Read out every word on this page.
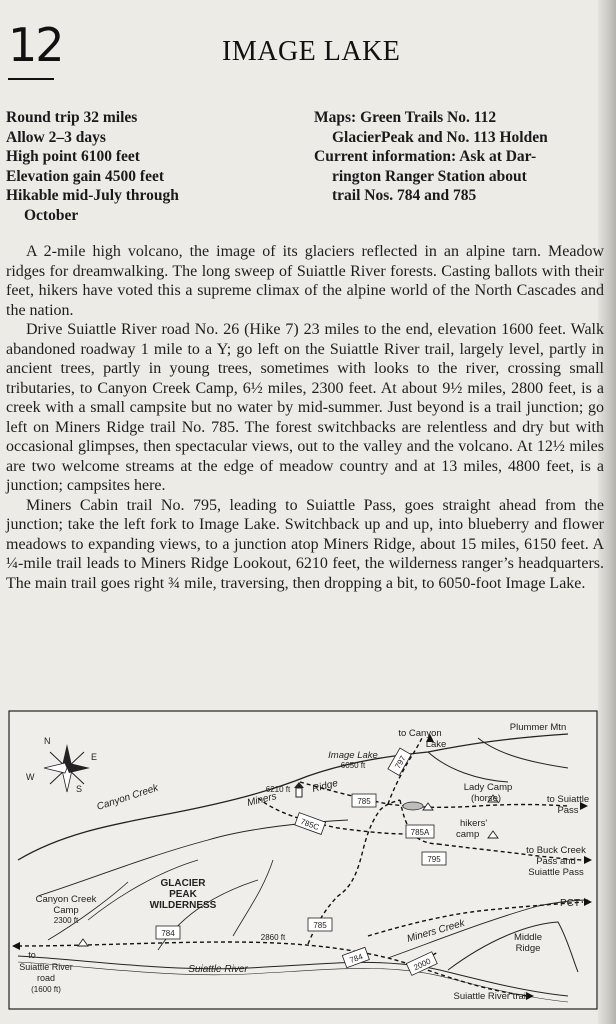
12	IMAGE LAKE
Round trip 32 miles
Allow 2–3 days
High point 6100 feet
Elevation gain 4500 feet
Hikable mid-July through
October
Maps: Green Trails No. 112
GlacierPeak and No. 113 Holden
Current information: Ask at Dar-
rington Ranger Station about
trail Nos. 784 and 785

A 2-mile high volcano, the image of its glaciers reflected in an alpine tarn. Meadow ridges for dreamwalking. The long sweep of Suiattle River forests. Casting ballots with their feet, hikers have voted this a supreme climax of the alpine world of the North Cascades and the nation.

Drive Suiattle River road No. 26 (Hike 7) 23 miles to the end, elevation 1600 feet. Walk abandoned roadway 1 mile to a Y; go left on the Suiattle River trail, largely level, partly in ancient trees, partly in young trees, sometimes with looks to the river, crossing small tributaries, to Canyon Creek Camp, 6½ miles, 2300 feet. At about 9½ miles, 2800 feet, is a creek with a small campsite but no water by mid-summer. Just beyond is a trail junction; go left on Miners Ridge trail No. 785. The forest switchbacks are relentless and dry but with occasional glimpses, then spectacular views, out to the valley and the volcano. At 12½ miles are two welcome streams at the edge of meadow country and at 13 miles, 4800 feet, is a junction; campsites here.

Miners Cabin trail No. 795, leading to Suiattle Pass, goes straight ahead from the junction; take the left fork to Image Lake. Switchback up and up, into blueberry and flower meadows to expanding views, to a junction atop Miners Ridge, about 15 miles, 6150 feet. A ¼-mile trail leads to Miners Ridge Lookout, 6210 feet, the wilderness ranger’s headquarters. The main trail goes right ¾ mile, traversing, then dropping a bit, to 6050-foot Image Lake.

N
E
S
W
797
785
785C
785A
795
784
785
784	2000
to Canyon
Lake
Plummer Mtn
Image Lake
6050 ft
6210 ft
Miners
Ridge
Canyon Creek	Lady Camp
(horse)
hikers'
camp
to Suiattle
Pass
to Buck Creek
Pass and
Suiattle Pass
GLACIER
PEAK
WILDERNESS
Canyon Creek
Camp
2300 ft
PCT
2860 ft	Miners Creek	Middle
Ridge
to
Suiattle River
road
(1600 ft)
Suiattle River
Suiattle River trail
